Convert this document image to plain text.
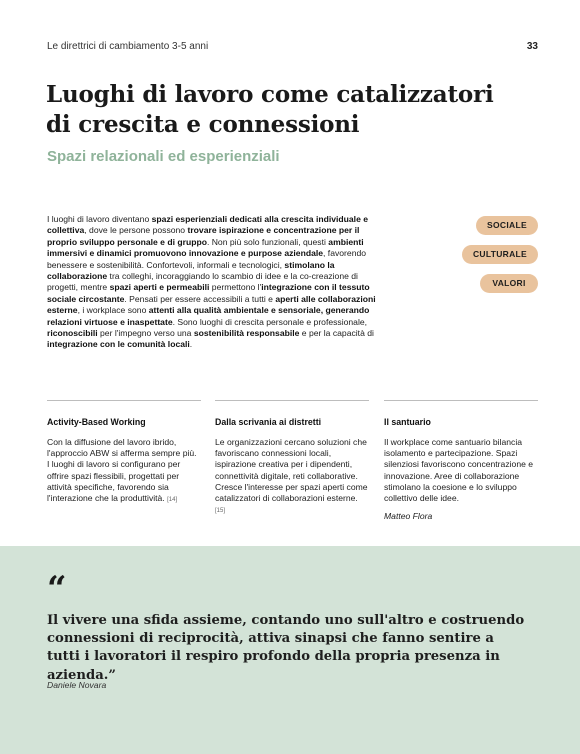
Le direttrici di cambiamento 3-5 anni	33
Luoghi di lavoro come catalizzatori di crescita e connessioni
Spazi relazionali ed esperienziali

I luoghi di lavoro diventano spazi esperienziali dedicati alla crescita individuale e collettiva, dove le persone possono trovare ispirazione e concentrazione per il proprio sviluppo personale e di gruppo. Non più solo funzionali, questi ambienti immersivi e dinamici promuovono innovazione e purpose aziendale, favorendo benessere e sostenibilità. Confortevoli, informali e tecnologici, stimolano la collaborazione tra colleghi, incoraggiando lo scambio di idee e la co-creazione di progetti, mentre spazi aperti e permeabili permettono l'integrazione con il tessuto sociale circostante. Pensati per essere accessibili a tutti e aperti alle collaborazioni esterne, i workplace sono attenti alla qualità ambientale e sensoriale, generando relazioni virtuose e inaspettate. Sono luoghi di crescita personale e professionale, riconoscibili per l'impegno verso una sostenibilità responsabile e per la capacità di integrazione con le comunità locali.

SOCIALE
CULTURALE
VALORI
Activity-Based Working

Con la diffusione del lavoro ibrido, l'approccio ABW si afferma sempre più. I luoghi di lavoro si configurano per offrire spazi flessibili, progettati per attività specifiche, favorendo sia l'interazione che la produttività. [14]

Dalla scrivania ai distretti

Le organizzazioni cercano soluzioni che favoriscano connessioni locali, ispirazione creativa per i dipendenti, connettività digitale, reti collaborative. Cresce l'interesse per spazi aperti come catalizzatori di collaborazioni esterne. [15]

Il santuario

Il workplace come santuario bilancia isolamento e partecipazione. Spazi silenziosi favoriscono concentrazione e innovazione. Aree di collaborazione stimolano la coesione e lo sviluppo collettivo delle idee.

Matteo Flora

“
Il vivere una sfida assieme, contando uno sull'altro e costruendo connessioni di reciprocità, attiva sinapsi che fanno sentire a tutti i lavoratori il respiro profondo della propria presenza in azienda.”
Daniele Novara
